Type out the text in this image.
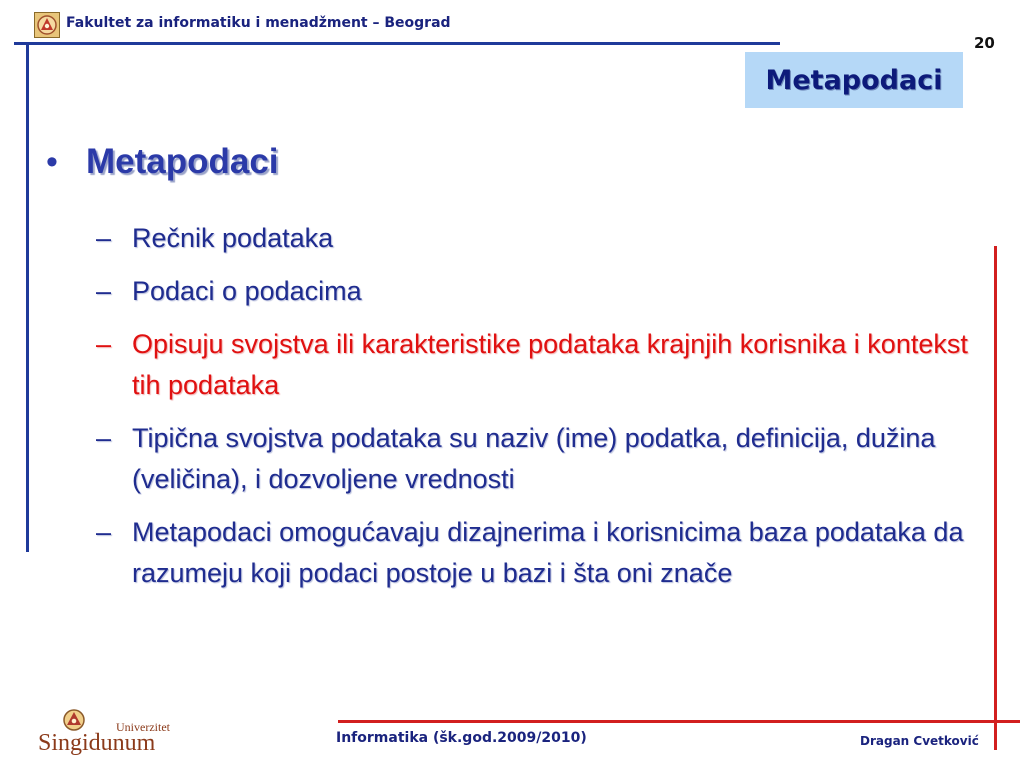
Fakultet za informatiku i menadžment – Beograd
20
Metapodaci
• Metapodaci
– Rečnik podataka
– Podaci o podacima
– Opisuju svojstva ili karakteristike podataka krajnjih korisnika i kontekst tih podataka
– Tipična svojstva podataka su naziv (ime) podatka, definicija, dužina (veličina), i dozvoljene vrednosti
– Metapodaci omogućavaju dizajnerima i korisnicima baza podataka da razumeju koji podaci postoje u bazi i šta oni znače
Univerzitet
Singidunum	Informatika (šk.god.2009/2010)	Dragan Cvetković
